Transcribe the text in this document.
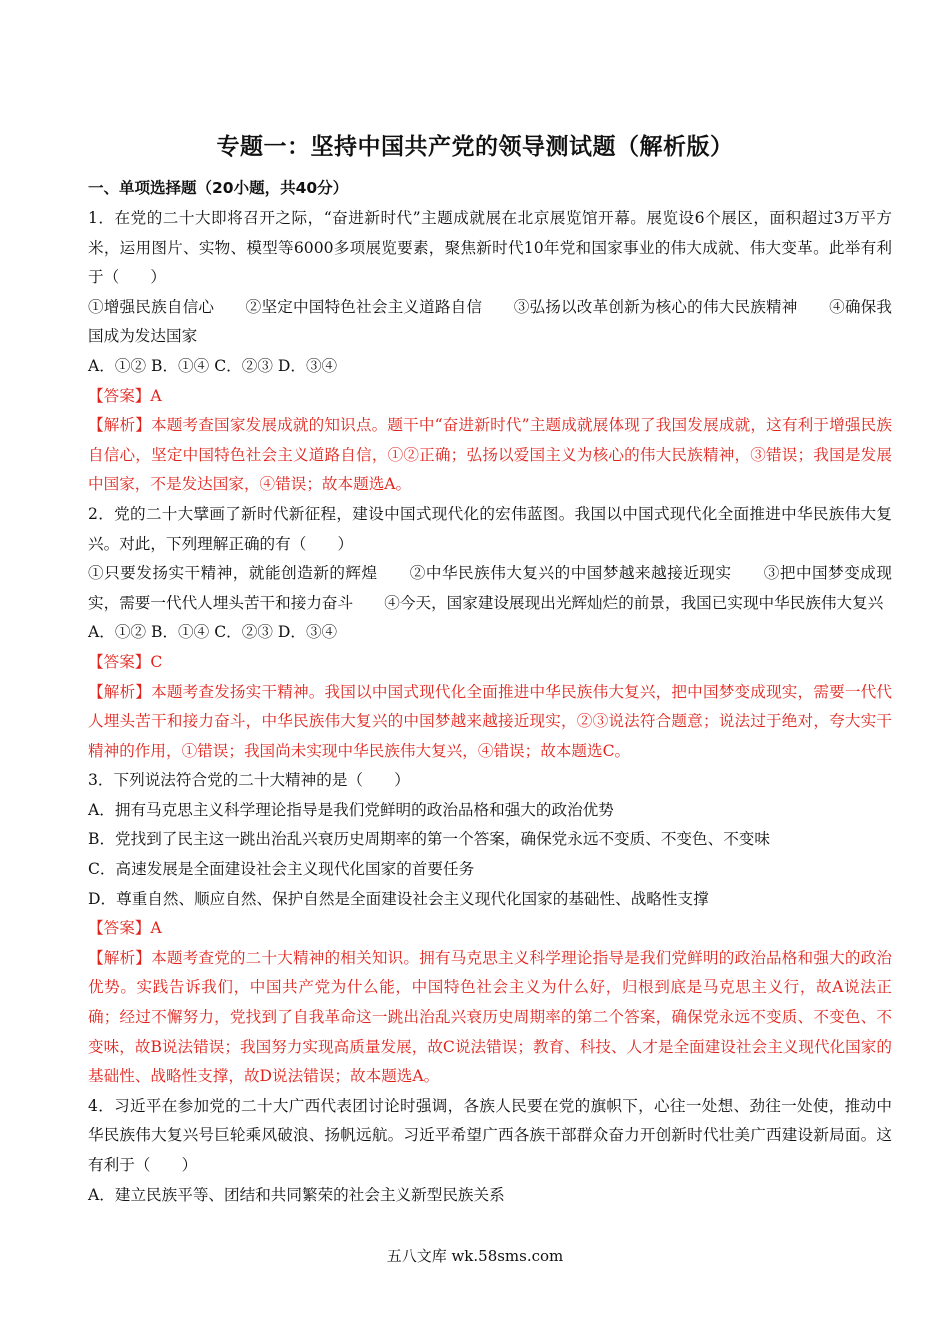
专题一：坚持中国共产党的领导测试题（解析版）
一、单项选择题（20小题，共40分）

1．在党的二十大即将召开之际，“奋进新时代”主题成就展在北京展览馆开幕。展览设6个展区，面积超过3万平方米，运用图片、实物、模型等6000多项展览要素，聚焦新时代10年党和国家事业的伟大成就、伟大变革。此举有利于（　　）

①增强民族自信心　　②坚定中国特色社会主义道路自信　　③弘扬以改革创新为核心的伟大民族精神　　④确保我国成为发达国家

A．①② B．①④ C．②③ D．③④

【答案】A

【解析】本题考查国家发展成就的知识点。题干中“奋进新时代”主题成就展体现了我国发展成就，这有利于增强民族自信心，坚定中国特色社会主义道路自信，①②正确；弘扬以爱国主义为核心的伟大民族精神，③错误；我国是发展中国家，不是发达国家，④错误；故本题选A。

2．党的二十大擘画了新时代新征程，建设中国式现代化的宏伟蓝图。我国以中国式现代化全面推进中华民族伟大复兴。对此，下列理解正确的有（　　）

①只要发扬实干精神，就能创造新的辉煌　　②中华民族伟大复兴的中国梦越来越接近现实　　③把中国梦变成现实，需要一代代人埋头苦干和接力奋斗　　④今天，国家建设展现出光辉灿烂的前景，我国已实现中华民族伟大复兴

A．①② B．①④ C．②③ D．③④

【答案】C

【解析】本题考查发扬实干精神。我国以中国式现代化全面推进中华民族伟大复兴，把中国梦变成现实，需要一代代人埋头苦干和接力奋斗，中华民族伟大复兴的中国梦越来越接近现实，②③说法符合题意；说法过于绝对，夸大实干精神的作用，①错误；我国尚未实现中华民族伟大复兴，④错误；故本题选C。

3．下列说法符合党的二十大精神的是（　　）

A．拥有马克思主义科学理论指导是我们党鲜明的政治品格和强大的政治优势

B．党找到了民主这一跳出治乱兴衰历史周期率的第一个答案，确保党永远不变质、不变色、不变味

C．高速发展是全面建设社会主义现代化国家的首要任务

D．尊重自然、顺应自然、保护自然是全面建设社会主义现代化国家的基础性、战略性支撑

【答案】A

【解析】本题考查党的二十大精神的相关知识。拥有马克思主义科学理论指导是我们党鲜明的政治品格和强大的政治优势。实践告诉我们，中国共产党为什么能，中国特色社会主义为什么好，归根到底是马克思主义行，故A说法正确；经过不懈努力，党找到了自我革命这一跳出治乱兴衰历史周期率的第二个答案，确保党永远不变质、不变色、不变味，故B说法错误；我国努力实现高质量发展，故C说法错误；教育、科技、人才是全面建设社会主义现代化国家的基础性、战略性支撑，故D说法错误；故本题选A。

4．习近平在参加党的二十大广西代表团讨论时强调，各族人民要在党的旗帜下，心往一处想、劲往一处使，推动中华民族伟大复兴号巨轮乘风破浪、扬帆远航。习近平希望广西各族干部群众奋力开创新时代壮美广西建设新局面。这有利于（　　）

A．建立民族平等、团结和共同繁荣的社会主义新型民族关系

五八文库 wk.58sms.com
